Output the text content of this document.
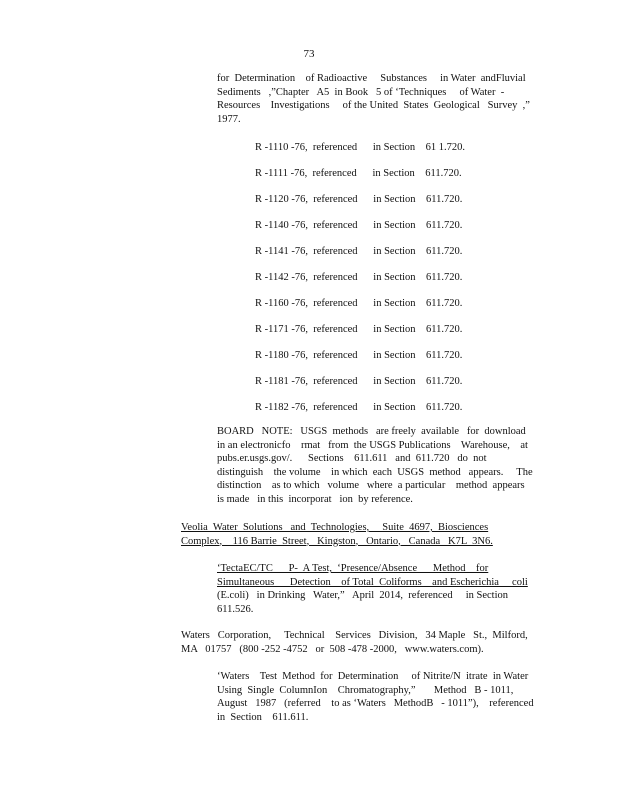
73
for  Determination    of Radioactive     Substances     in Water  andFluvial
Sediments   ,”Chapter   A5  in Book   5 of ‘Techniques     of Water  -
Resources    Investigations     of the United  States  Geological   Survey  ,”
1977.
R -1110 -76,  referenced      in Section    61 1.720.
R -1111 -76,  referenced      in Section    611.720.
R -1120 -76,  referenced      in Section    611.720.
R -1140 -76,  referenced      in Section    611.720.
R -1141 -76,  referenced      in Section    611.720.
R -1142 -76,  referenced      in Section    611.720.
R -1160 -76,  referenced      in Section    611.720.
R -1171 -76,  referenced      in Section    611.720.
R -1180 -76,  referenced      in Section    611.720.
R -1181 -76,  referenced      in Section    611.720.
R -1182 -76,  referenced      in Section    611.720.
BOARD   NOTE:   USGS  methods   are freely  available   for  download
in an electronicfo    rmat   from  the USGS Publications    Warehouse,    at
pubs.er.usgs.gov/.      Sections    611.611   and  611.720   do  not
distinguish    the volume    in which  each  USGS  method   appears.     The
distinction    as to which   volume   where  a particular    method  appears
is made   in this  incorporat   ion  by reference.
Veolia  Water  Solutions   and  Technologies,     Suite  4697,  Biosciences
Complex,    116 Barrie  Street,   Kingston,   Ontario,   Canada   K7L  3N6.
‘TectaEC/TC      P-  A Test,  ‘Presence/Absence      Method    for
Simultaneous      Detection    of Total  Coliforms    and Escherichia     coli
(E.coli)   in Drinking   Water,”   April  2014,  referenced     in Section
611.526.
Waters   Corporation,     Technical    Services   Division,   34 Maple   St.,  Milford,
MA   01757   (800 -252 -4752   or  508 -478 -2000,   www.waters.com).
‘Waters    Test  Method  for  Determination     of Nitrite/N  itrate  in Water
Using  Single  ColumnIon    Chromatography,”       Method   B - 1011,
August   1987   (referred    to as ‘Waters   MethodB   - 1011”),    referenced
in  Section    611.611.
